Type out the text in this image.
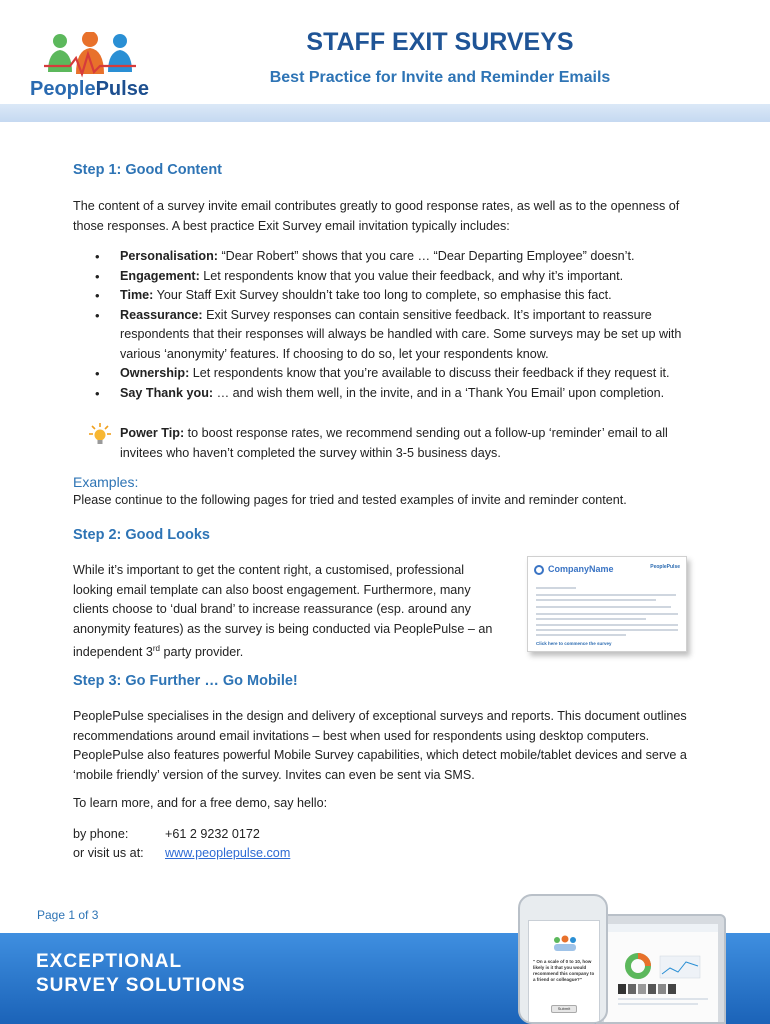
PeoplePulse
STAFF EXIT SURVEYS
Best Practice for Invite and Reminder Emails
Step 1: Good Content
The content of a survey invite email contributes greatly to good response rates, as well as to the openness of those responses. A best practice Exit Survey email invitation typically includes:
• Personalisation: “Dear Robert” shows that you care … “Dear Departing Employee” doesn’t.
• Engagement: Let respondents know that you value their feedback, and why it’s important.
• Time: Your Staff Exit Survey shouldn’t take too long to complete, so emphasise this fact.
• Reassurance: Exit Survey responses can contain sensitive feedback. It’s important to reassure respondents that their responses will always be handled with care. Some surveys may be set up with various ‘anonymity’ features. If choosing to do so, let your respondents know.
• Ownership: Let respondents know that you’re available to discuss their feedback if they request it.
• Say Thank you: … and wish them well, in the invite, and in a ‘Thank You Email’ upon completion.
Power Tip: to boost response rates, we recommend sending out a follow-up ‘reminder’ email to all invitees who haven’t completed the survey within 3-5 business days.
Examples:
Please continue to the following pages for tried and tested examples of invite and reminder content.
Step 2: Good Looks
While it’s important to get the content right, a customised, professional looking email template can also boost engagement. Furthermore, many clients choose to ‘dual brand’ to increase reassurance (esp. around any anonymity features) as the survey is being conducted via PeoplePulse – an independent 3rd party provider.
CompanyName	PeoplePulse
Click here to commence the survey
Step 3: Go Further … Go Mobile!
PeoplePulse specialises in the design and delivery of exceptional surveys and reports. This document outlines recommendations around email invitations – best when used for respondents using desktop computers. PeoplePulse also features powerful Mobile Survey capabilities, which detect mobile/tablet devices and serve a ‘mobile friendly’ version of the survey. Invites can even be sent via SMS.
To learn more, and for a free demo, say hello:
by phone:	+61 2 9232 0172
or visit us at: www.peoplepulse.com
Page 1 of 3
EXCEPTIONAL
SURVEY SOLUTIONS
" On a scale of 0 to 10, how likely is it that you would recommend this company to a friend or colleague?"
Submit
